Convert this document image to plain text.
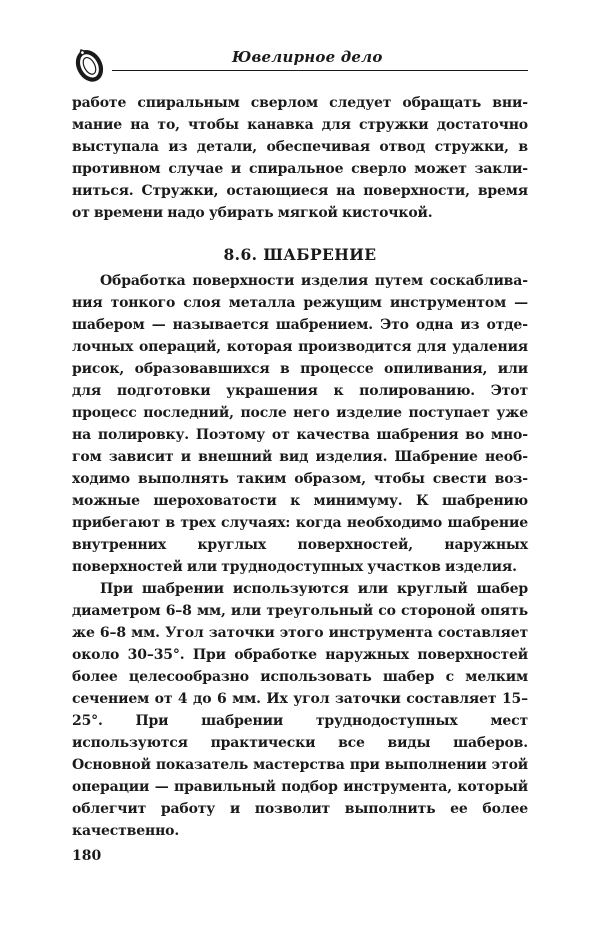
Ювелирное дело

работе спиральным сверлом следует обращать внимание на то, чтобы канавка для стружки достаточно выступала из детали, обеспечивая отвод стружки, в противном случае и спиральное сверло может заклиниться. Стружки, остающиеся на поверхности, время от времени надо убирать мягкой кисточкой.

8.6. ШАБРЕНИЕ

Обработка поверхности изделия путем соскабливания тонкого слоя металла режущим инструментом — шабером — называется шабрением. Это одна из отделочных операций, которая производится для удаления рисок, образовавшихся в процессе опиливания, или для подготовки украшения к полированию. Этот процесс последний, после него изделие поступает уже на полировку. Поэтому от качества шабрения во многом зависит и внешний вид изделия. Шабрение необходимо выполнять таким образом, чтобы свести возможные шероховатости к минимуму. К шабрению прибегают в трех случаях: когда необходимо шабрение внутренних круглых поверхностей, наружных поверхностей или труднодоступных участков изделия.

При шабрении используются или круглый шабер диаметром 6–8 мм, или треугольный со стороной опять же 6–8 мм. Угол заточки этого инструмента составляет около 30–35°. При обработке наружных поверхностей более целесообразно использовать шабер с мелким сечением от 4 до 6 мм. Их угол заточки составляет 15–25°. При шабрении труднодоступных мест используются практически все виды шаберов. Основной показатель мастерства при выполнении этой операции — правильный подбор инструмента, который облегчит работу и позволит выполнить ее более качественно.

180
